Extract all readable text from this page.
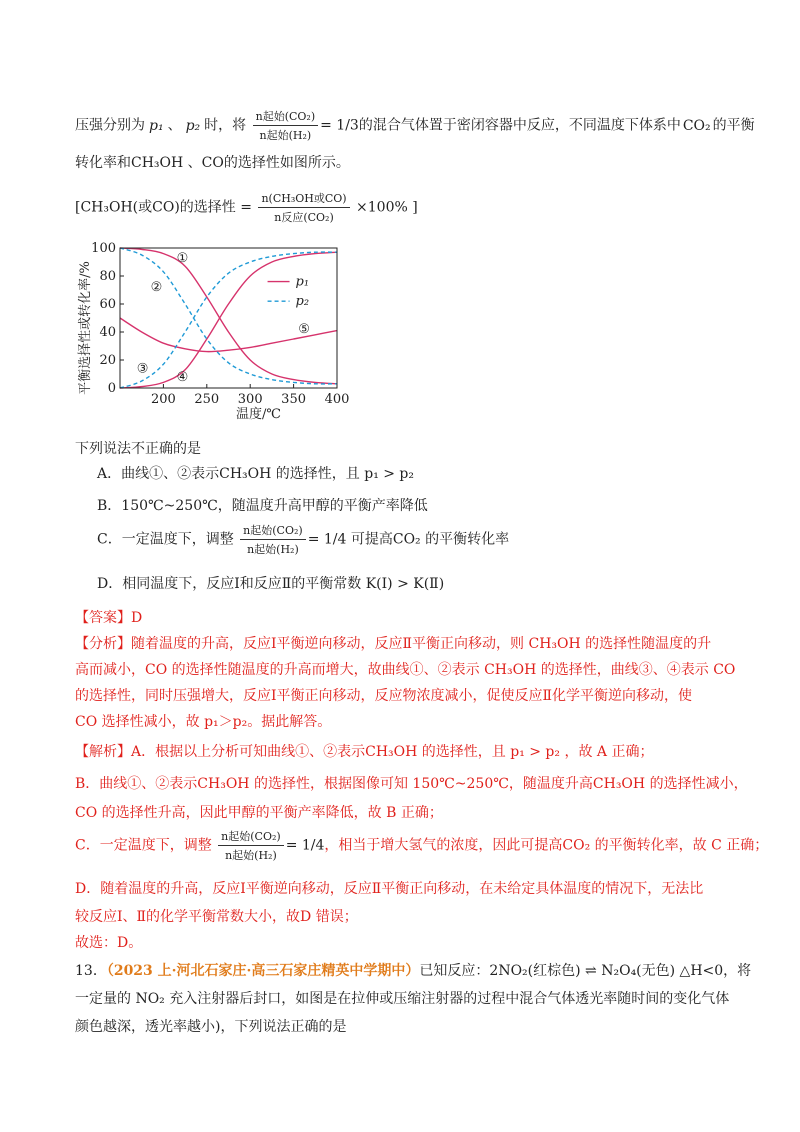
压强分别为 p₁ 、 p₂ 时，将 $\frac{\text{n起始(CO₂)}}{\text{n起始(H₂)}} = 1/3$的混合气体置于密闭容器中反应，不同温度下体系中 CO₂ 的平衡
转化率和CH₃OH 、CO的选择性如图所示。
[CH₃OH(或CO)的选择性 = $\frac{\text{n(CH₃OH或CO)}}{\text{n反应(CO₂)}} \times 100\%$ ]
0
20
40
60
80
100
200 250 300 350 400
温度/℃
平衡选择性或转化率/%
①
②
③
④
⑤
p₁
p₂
下列说法不正确的是
A．曲线①、②表示CH₃OH 的选择性，且 p₁ > p₂
B．150℃~250℃，随温度升高甲醇的平衡产率降低
C．一定温度下，调整 $\frac{\text{n起始(CO₂)}}{\text{n起始(H₂)}} = 1/4$ 可提高CO₂ 的平衡转化率
D．相同温度下，反应Ⅰ和反应Ⅱ的平衡常数 K(Ⅰ) > K(Ⅱ)
【答案】D
【分析】随着温度的升高，反应Ⅰ平衡逆向移动，反应Ⅱ平衡正向移动，则 CH₃OH 的选择性随温度的升
高而减小，CO 的选择性随温度的升高而增大，故曲线①、②表示 CH₃OH 的选择性，曲线③、④表示 CO
的选择性，同时压强增大，反应Ⅰ平衡正向移动，反应物浓度减小，促使反应Ⅱ化学平衡逆向移动，使
CO 选择性减小，故 p₁＞p₂。据此解答。
【解析】A．根据以上分析可知曲线①、②表示CH₃OH 的选择性，且 p₁ > p₂ ，故 A 正确；
B．曲线①、②表示CH₃OH 的选择性，根据图像可知 150℃~250℃，随温度升高CH₃OH 的选择性减小，
CO 的选择性升高，因此甲醇的平衡产率降低，故 B 正确；
C．一定温度下，调整 $\frac{\text{n起始(CO₂)}}{\text{n起始(H₂)}} = 1/4$，相当于增大氢气的浓度，因此可提高CO₂ 的平衡转化率，故 C 正确；
D．随着温度的升高，反应Ⅰ平衡逆向移动，反应Ⅱ平衡正向移动，在未给定具体温度的情况下，无法比
较反应Ⅰ、Ⅱ的化学平衡常数大小，故D 错误；
故选：D。
13．（2023 上·河北石家庄·高三石家庄精英中学期中）已知反应：2NO₂(红棕色) ⇌ N₂O₄(无色) △H<0，将
一定量的 NO₂ 充入注射器后封口，如图是在拉伸或压缩注射器的过程中混合气体透光率随时间的变化气体
颜色越深，透光率越小)，下列说法正确的是
